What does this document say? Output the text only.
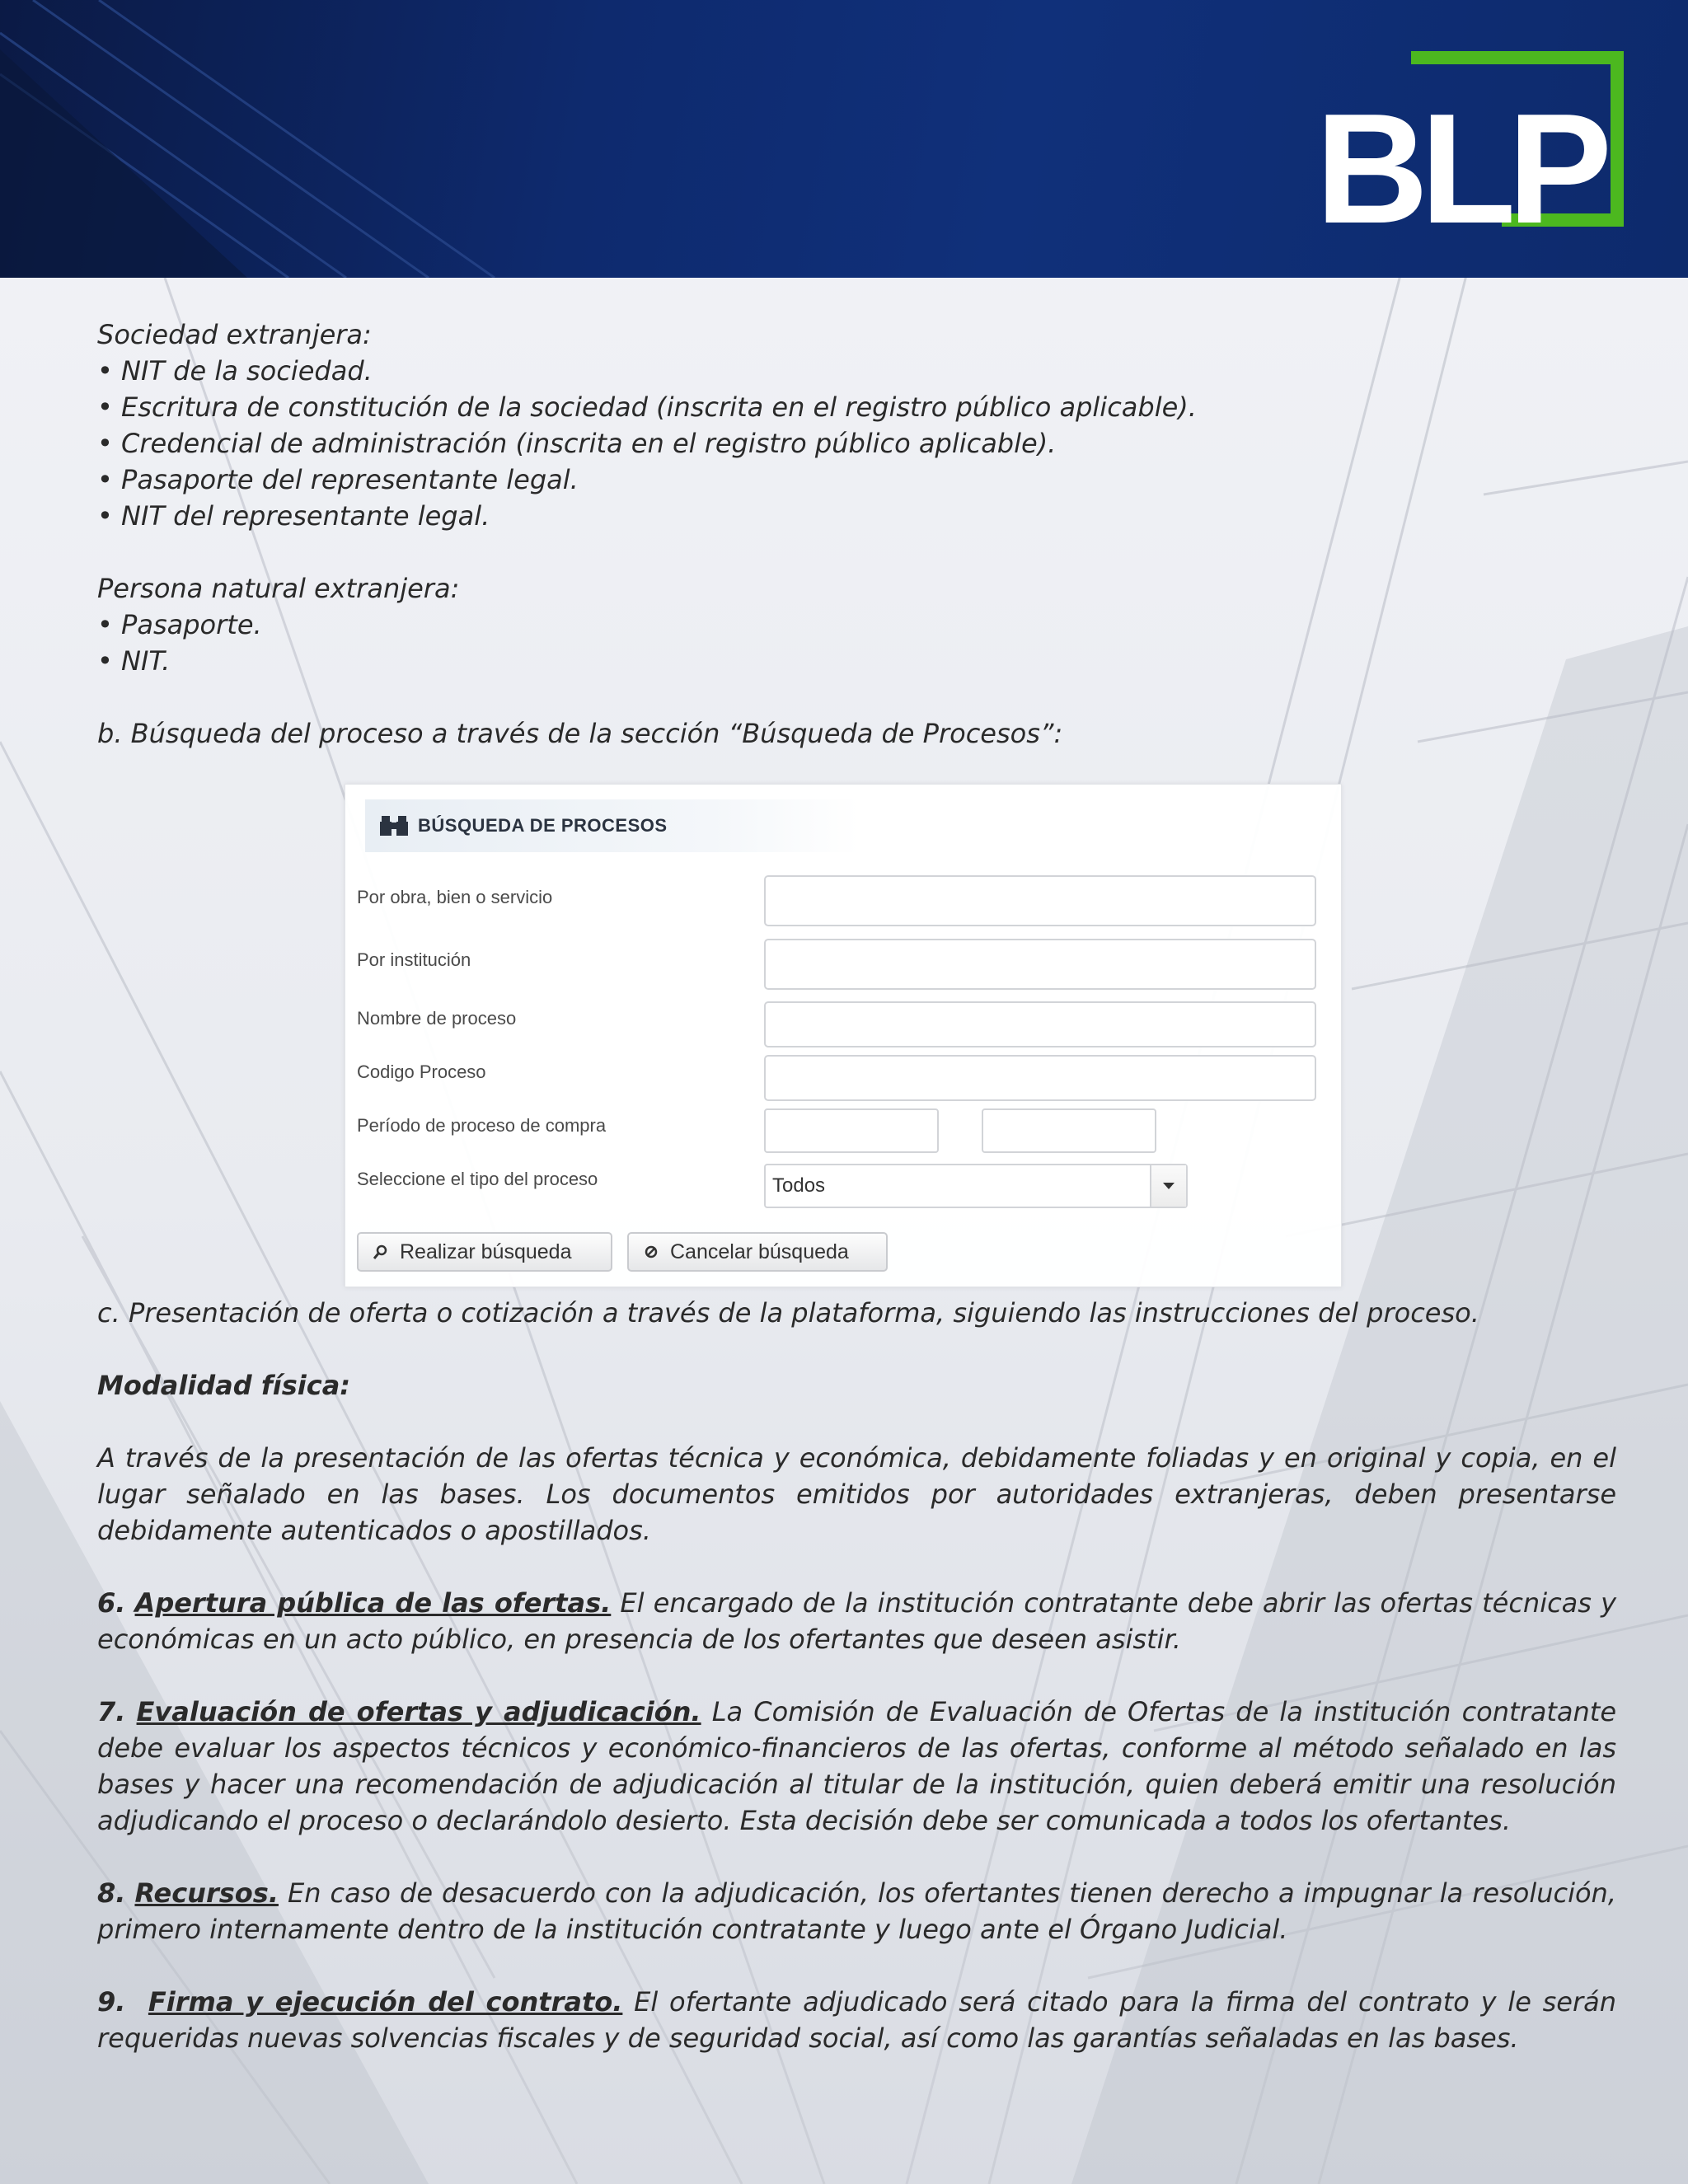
BLP

Sociedad extranjera:

• NIT de la sociedad.

• Escritura de constitución de la sociedad (inscrita en el registro público aplicable).

• Credencial de administración (inscrita en el registro público aplicable).

• Pasaporte del representante legal.

• NIT del representante legal.

Persona natural extranjera:

• Pasaporte.

• NIT.

b. Búsqueda del proceso a través de la sección “Búsqueda de Procesos”:

c. Presentación de oferta o cotización a través de la plataforma, siguiendo las instrucciones del proceso.

Modalidad física:

A través de la presentación de las ofertas técnica y económica, debidamente foliadas y en original y copia, en el lugar señalado en las bases. Los documentos emitidos por autoridades extranjeras, deben presentarse debidamente autenticados o apostillados.

6. Apertura pública de las ofertas. El encargado de la institución contratante debe abrir las ofertas técnicas y económicas en un acto público, en presencia de los ofertantes que deseen asistir.

7. Evaluación de ofertas y adjudicación. La Comisión de Evaluación de Ofertas de la institución contratante debe evaluar los aspectos técnicos y económico-financieros de las ofertas, conforme al método señalado en las bases y hacer una recomendación de adjudicación al titular de la institución, quien deberá emitir una resolución adjudicando el proceso o declarándolo desierto. Esta decisión debe ser comunicada a todos los ofertantes.

8. Recursos. En caso de desacuerdo con la adjudicación, los ofertantes tienen derecho a impugnar la resolución, primero internamente dentro de la institución contratante y luego ante el Órgano Judicial.

9. Firma y ejecución del contrato. El ofertante adjudicado será citado para la firma del contrato y le serán requeridas nuevas solvencias fiscales y de seguridad social, así como las garantías señaladas en las bases.

BÚSQUEDA DE PROCESOS
Por obra, bien o servicio
Por institución
Nombre de proceso
Codigo Proceso
Período de proceso de compra
Seleccione el tipo del proceso	Todos
Realizar búsqueda	Cancelar búsqueda
